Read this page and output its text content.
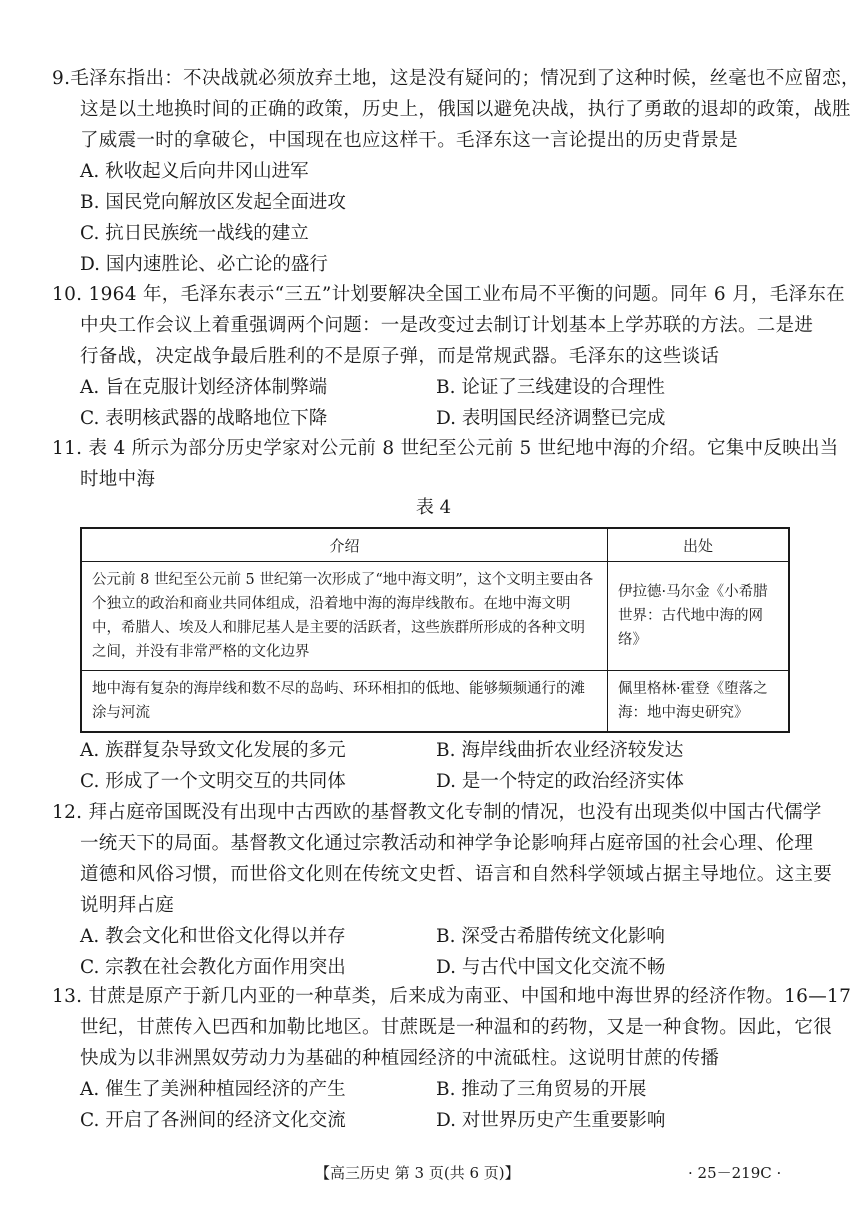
9.毛泽东指出：不决战就必须放弃土地，这是没有疑问的；情况到了这种时候，丝毫也不应留恋，
这是以土地换时间的正确的政策，历史上，俄国以避免决战，执行了勇敢的退却的政策，战胜
了威震一时的拿破仑，中国现在也应这样干。毛泽东这一言论提出的历史背景是
A. 秋收起义后向井冈山进军
B. 国民党向解放区发起全面进攻
C. 抗日民族统一战线的建立
D. 国内速胜论、必亡论的盛行
10. 1964 年，毛泽东表示“三五”计划要解决全国工业布局不平衡的问题。同年 6 月，毛泽东在
中央工作会议上着重强调两个问题：一是改变过去制订计划基本上学苏联的方法。二是进
行备战，决定战争最后胜利的不是原子弹，而是常规武器。毛泽东的这些谈话
A. 旨在克服计划经济体制弊端	B. 论证了三线建设的合理性
C. 表明核武器的战略地位下降	D. 表明国民经济调整已完成
11. 表 4 所示为部分历史学家对公元前 8 世纪至公元前 5 世纪地中海的介绍。它集中反映出当
时地中海
表 4
介绍	出处
公元前 8 世纪至公元前 5 世纪第一次形成了“地中海文明”，这个文明主要由各个独立的政治和商业共同体组成，沿着地中海的海岸线散布。在地中海文明中，希腊人、埃及人和腓尼基人是主要的活跃者，这些族群所形成的各种文明之间，并没有非常严格的文化边界	伊拉德·马尔金《小希腊世界：古代地中海的网络》
地中海有复杂的海岸线和数不尽的岛屿、环环相扣的低地、能够频频通行的滩涂与河流	佩里格林·霍登《堕落之海：地中海史研究》
A. 族群复杂导致文化发展的多元	B. 海岸线曲折农业经济较发达
C. 形成了一个文明交互的共同体	D. 是一个特定的政治经济实体
12. 拜占庭帝国既没有出现中古西欧的基督教文化专制的情况，也没有出现类似中国古代儒学
一统天下的局面。基督教文化通过宗教活动和神学争论影响拜占庭帝国的社会心理、伦理
道德和风俗习惯，而世俗文化则在传统文史哲、语言和自然科学领域占据主导地位。这主要
说明拜占庭
A. 教会文化和世俗文化得以并存	B. 深受古希腊传统文化影响
C. 宗教在社会教化方面作用突出	D. 与古代中国文化交流不畅
13. 甘蔗是原产于新几内亚的一种草类，后来成为南亚、中国和地中海世界的经济作物。16—17
世纪，甘蔗传入巴西和加勒比地区。甘蔗既是一种温和的药物，又是一种食物。因此，它很
快成为以非洲黑奴劳动力为基础的种植园经济的中流砥柱。这说明甘蔗的传播
A. 催生了美洲种植园经济的产生	B. 推动了三角贸易的开展
C. 开启了各洲间的经济文化交流	D. 对世界历史产生重要影响
【高三历史 第 3 页(共 6 页)】	· 25－219C ·
